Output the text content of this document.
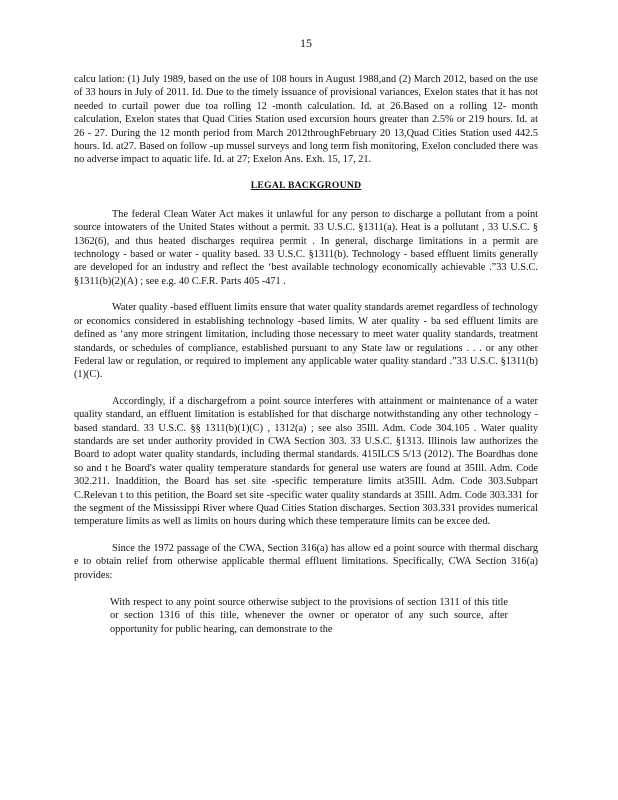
15

calcu lation: (1) July 1989, based on the use of 108 hours in August 1988,and (2) March 2012, based on the use of 33 hours in July of 2011. Id. Due to the timely issuance of provisional variances, Exelon states that it has not needed to curtail power due toa rolling 12 -month calculation. Id. at 26.Based on a rolling 12- month calculation, Exelon states that Quad Cities Station used excursion hours greater than 2.5% or 219 hours. Id. at 26 - 27. During the 12 month period from March 2012throughFebruary 20 13,Quad Cities Station used 442.5 hours. Id. at27. Based on follow -up mussel surveys and long term fish monitoring, Exelon concluded there was no adverse impact to aquatic life. Id. at 27; Exelon Ans. Exh. 15, 17, 21.

LEGAL BACKGROUND

The federal Clean Water Act makes it unlawful for any person to discharge a pollutant from a point source intowaters of the United States without a permit. 33 U.S.C. §1311(a). Heat is a pollutant , 33 U.S.C. § 1362(6), and thus heated discharges requirea permit . In general, discharge limitations in a permit are technology - based or water - quality based. 33 U.S.C. §1311(b). Technology - based effluent limits generally are developed for an industry and reflect the ‘best available technology economically achievable .”33 U.S.C. §1311(b)(2)(A) ; see e.g. 40 C.F.R. Parts 405 -471 .

Water quality -based effluent limits ensure that water quality standards aremet regardless of technology or economics considered in establishing technology -based limits. W ater quality - ba sed effluent limits are defined as ‘any more stringent limitation, including those necessary to meet water quality standards, treatment standards, or schedules of compliance, established pursuant to any State law or regulations . . . or any other Federal law or regulation, or required to implement any applicable water quality standard .”33 U.S.C. §1311(b)(1)(C).

Accordingly, if a dischargefrom a point source interferes with attainment or maintenance of a water quality standard, an effluent limitation is established for that discharge notwithstanding any other technology -based standard. 33 U.S.C. §§ 1311(b)(1)(C) , 1312(a) ; see also 35Ill. Adm. Code 304.105 . Water quality standards are set under authority provided in CWA Section 303. 33 U.S.C. §1313. Illinois law authorizes the Board to adopt water quality standards, including thermal standards. 415ILCS 5/13 (2012). The Boardhas done so and t he Board's water quality temperature standards for general use waters are found at 35Ill. Adm. Code 302.211. Inaddition, the Board has set site -specific temperature limits at35Ill. Adm. Code 303.Subpart C.Relevan t to this petition, the Board set site -specific water quality standards at 35Ill. Adm. Code 303.331 for the segment of the Mississippi River where Quad Cities Station discharges. Section 303.331 provides numerical temperature limits as well as limits on hours during which these temperature limits can be excee ded.

Since the 1972 passage of the CWA, Section 316(a) has allow ed a point source with thermal discharg e to obtain relief from otherwise applicable thermal effluent limitations. Specifically, CWA Section 316(a) provides:

With respect to any point source otherwise subject to the provisions of section 1311 of this title or section 1316 of this title, whenever the owner or operator of any such source, after opportunity for public hearing, can demonstrate to the
